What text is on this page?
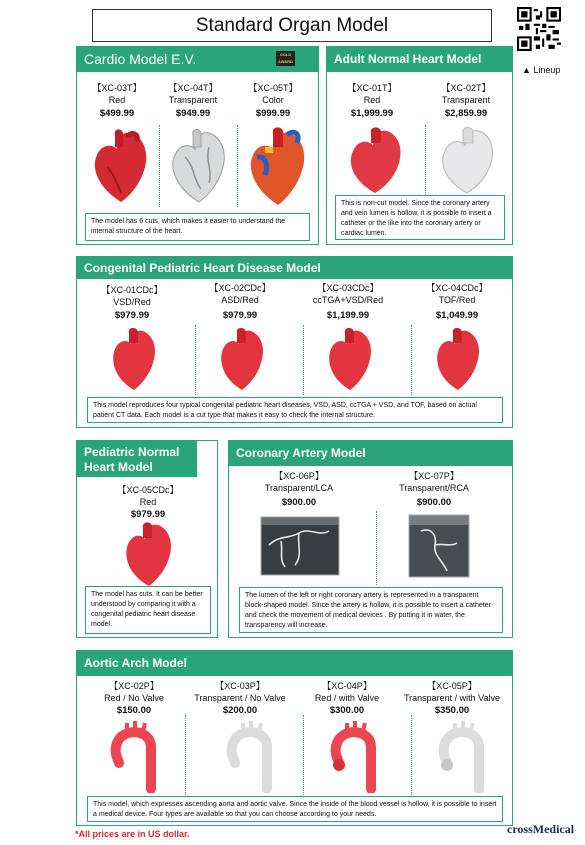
Standard Organ Model
▲ Lineup
Cardio Model E.V.	GOLD AWARD
【XC-03T】
Red
$499.99
【XC-04T】
Transparent
$949.99
【XC-05T】
Color
$999.99
The model has 6 cuts, which makes it easier to understand the internal structure of the heart.
Adult Normal Heart Model
【XC-01T】
Red
$1,999.99
【XC-02T】
Transparent
$2,859.99
This is non-cut model. Since the coronary artery and vein lumen is hollow, it is possible to insert a catheter or the like into the coronary artery or cardiac lumen.
Congenital Pediatric Heart Disease Model
【XC-01CDc】
VSD/Red
$979.99
【XC-02CDc】
ASD/Red
$979.99
【XC-03CDc】
ccTGA+VSD/Red
$1,199.99
【XC-04CDc】
TOF/Red
$1,049.99
This model reproduces four typical congenital pediatric heart diseases, VSD, ASD, ccTGA + VSD, and TOF, based on actual patient CT data. Each model is a cut type that makes it easy to check the internal structure.
Pediatric Normal Heart Model
【XC-05CDc】
Red
$979.99
The model has cuts. It can be better understood by comparing it with a congenital pediatric heart disease model.
Coronary Artery Model
【XC-06P】
Transparent/LCA
$900.00
【XC-07P】
Transparent/RCA
$900.00
The lumen of the left or right coronary artery is represented in a transparent block-shaped model. Since the artery is hollow, it is possible to insert a catheter and check the movement of medical devices . By putting it in water, the transparency will increase.
Aortic Arch Model
【XC-02P】
Red / No Valve
$150.00
【XC-03P】
Transparent / No Valve
$200.00
【XC-04P】
Red / with Valve
$300.00
【XC-05P】
Transparent / with Valve
$350.00
This model, which expresses ascending aorta and aortic valve. Since the inside of the blood vessel is hollow, it is possible to insert a medical device. Four types are available so that you can choose according to your needs.
*All prices are in US dollar.	crossMedical
